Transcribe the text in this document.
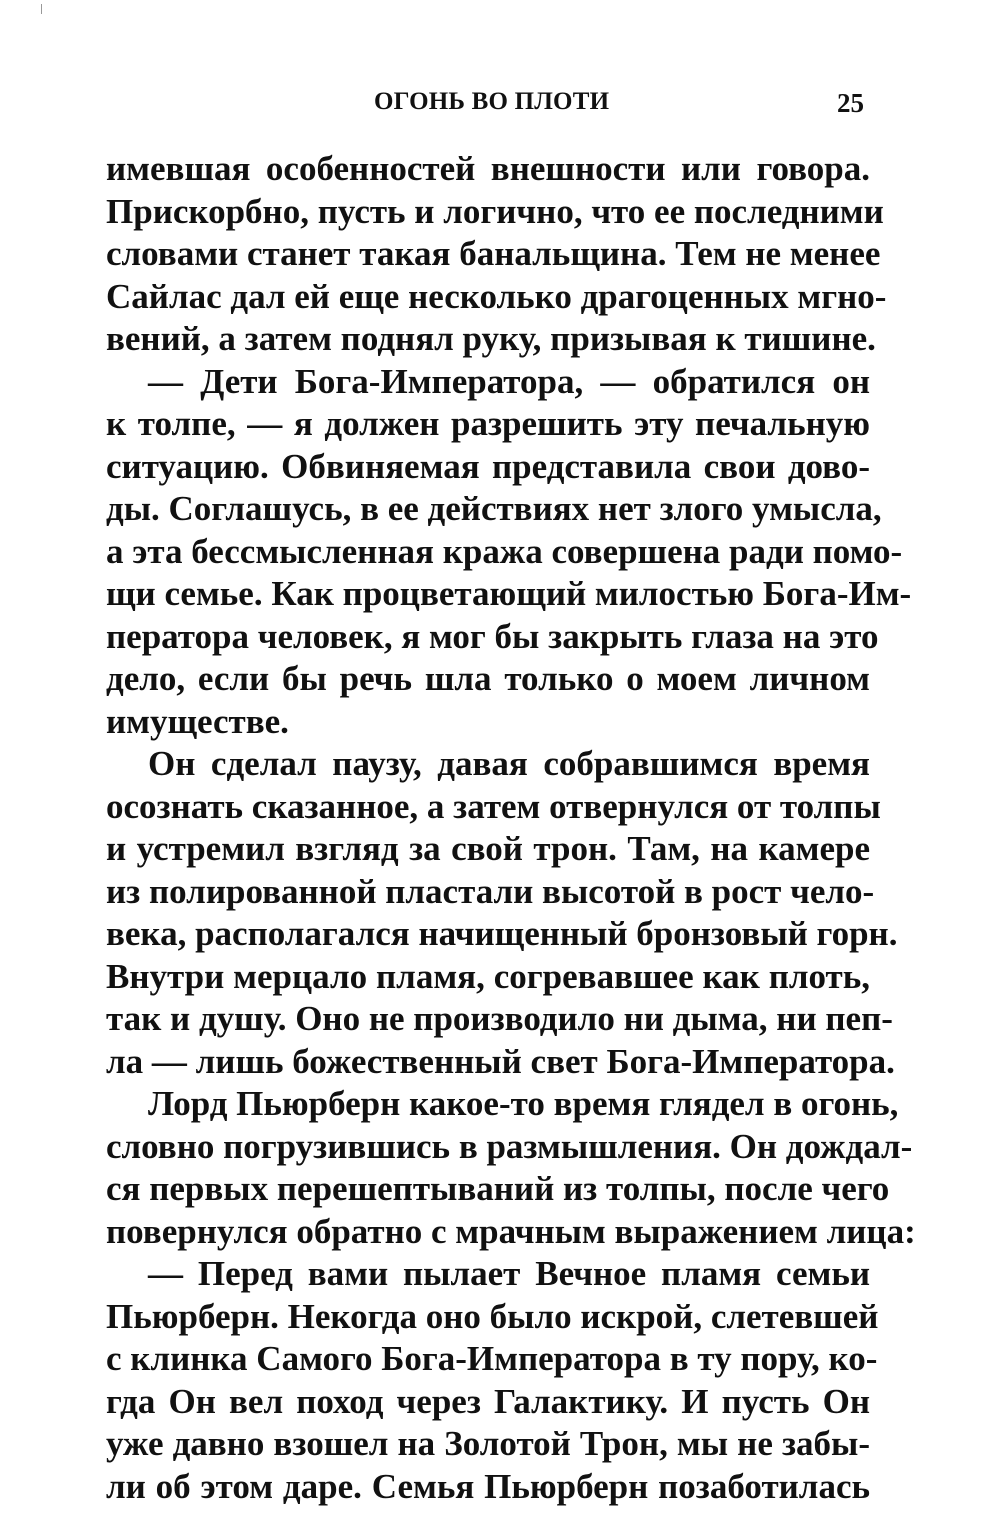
ОГОНЬ ВО ПЛОТИ	25
имевшая особенностей внешности или говора.
Прискорбно, пусть и логично, что ее последними
словами станет такая банальщина. Тем не менее
Сайлас дал ей еще несколько драгоценных мгно-
вений, а затем поднял руку, призывая к тишине.
— Дети Бога-Императора, — обратился он
к толпе, — я должен разрешить эту печальную
ситуацию. Обвиняемая представила свои дово-
ды. Соглашусь, в ее действиях нет злого умысла,
а эта бессмысленная кража совершена ради помо-
щи семье. Как процветающий милостью Бога-Им-
ператора человек, я мог бы закрыть глаза на это
дело, если бы речь шла только о моем личном
имуществе.
Он сделал паузу, давая собравшимся время
осознать сказанное, а затем отвернулся от толпы
и устремил взгляд за свой трон. Там, на камере
из полированной пластали высотой в рост чело-
века, располагался начищенный бронзовый горн.
Внутри мерцало пламя, согревавшее как плоть,
так и душу. Оно не производило ни дыма, ни пеп-
ла — лишь божественный свет Бога-Императора.
Лорд Пьюрберн какое-то время глядел в огонь,
словно погрузившись в размышления. Он дождал-
ся первых перешептываний из толпы, после чего
повернулся обратно с мрачным выражением лица:
— Перед вами пылает Вечное пламя семьи
Пьюрберн. Некогда оно было искрой, слетевшей
с клинка Самого Бога-Императора в ту пору, ко-
гда Он вел поход через Галактику. И пусть Он
уже давно взошел на Золотой Трон, мы не забы-
ли об этом даре. Семья Пьюрберн позаботилась
